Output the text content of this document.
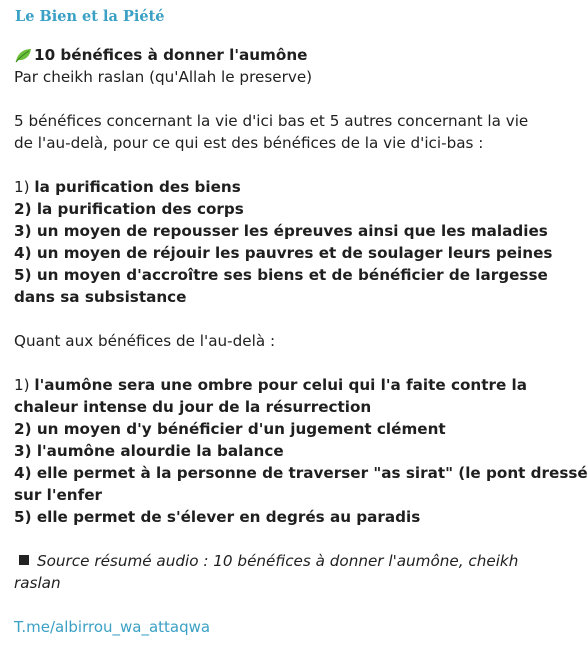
Le Bien et la Piété
10 bénéfices à donner l'aumône
Par cheikh raslan (qu'Allah le preserve)
5 bénéfices concernant la vie d'ici bas et 5 autres concernant la vie
de l'au-delà, pour ce qui est des bénéfices de la vie d'ici-bas :
1) la purification des biens
2) la purification des corps
3) un moyen de repousser les épreuves ainsi que les maladies
4) un moyen de réjouir les pauvres et de soulager leurs peines
5) un moyen d'accroître ses biens et de bénéficier de largesse
dans sa subsistance
Quant aux bénéfices de l'au-delà :
1) l'aumône sera une ombre pour celui qui l'a faite contre la
chaleur intense du jour de la résurrection
2) un moyen d'y bénéficier d'un jugement clément
3) l'aumône alourdie la balance
4) elle permet à la personne de traverser "as sirat" (le pont dressé
sur l'enfer
5) elle permet de s'élever en degrés au paradis
Source résumé audio : 10 bénéfices à donner l'aumône, cheikh
raslan
T.me/albirrou_wa_attaqwa
